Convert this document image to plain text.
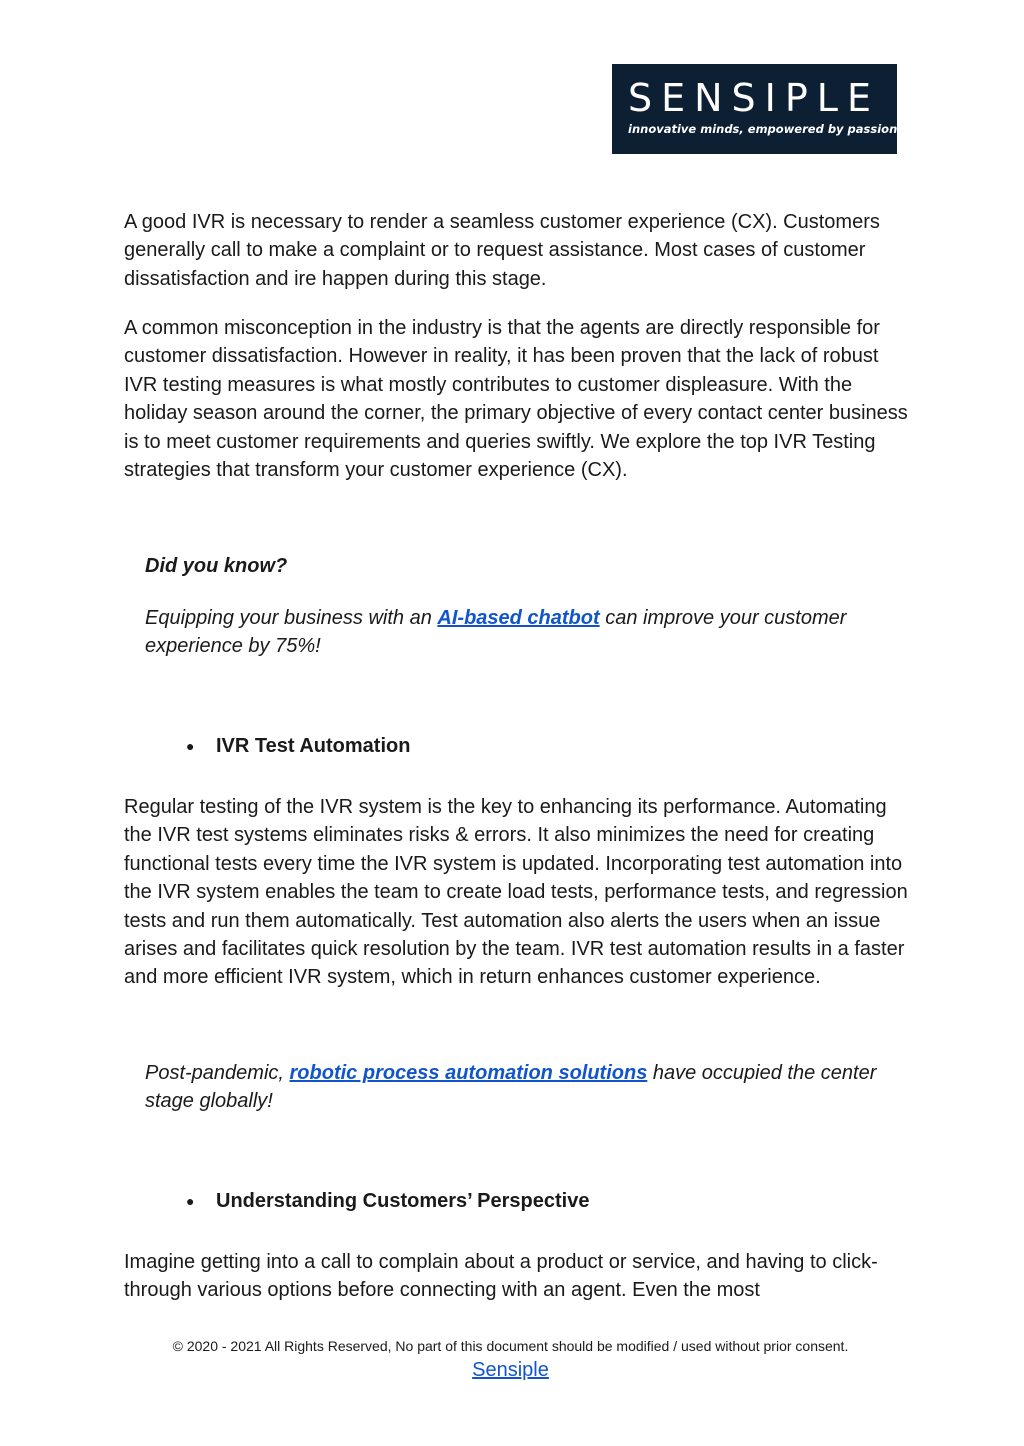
SENSIPLE
innovative minds, empowered by passion

A good IVR is necessary to render a seamless customer experience (CX). Customers generally call to make a complaint or to request assistance. Most cases of customer dissatisfaction and ire happen during this stage.

A common misconception in the industry is that the agents are directly responsible for customer dissatisfaction. However in reality, it has been proven that the lack of robust IVR testing measures is what mostly contributes to customer displeasure. With the holiday season around the corner, the primary objective of every contact center business is to meet customer requirements and queries swiftly. We explore the top IVR Testing strategies that transform your customer experience (CX).

Did you know?

Equipping your business with an AI-based chatbot can improve your customer experience by 75%!

●	IVR Test Automation

Regular testing of the IVR system is the key to enhancing its performance. Automating the IVR test systems eliminates risks & errors. It also minimizes the need for creating functional tests every time the IVR system is updated. Incorporating test automation into the IVR system enables the team to create load tests, performance tests, and regression tests and run them automatically. Test automation also alerts the users when an issue arises and facilitates quick resolution by the team. IVR test automation results in a faster and more efficient IVR system, which in return enhances customer experience.

Post-pandemic, robotic process automation solutions have occupied the center stage globally!

●	Understanding Customers’ Perspective

Imagine getting into a call to complain about a product or service, and having to click-through various options before connecting with an agent. Even the most

© 2020 - 2021 All Rights Reserved, No part of this document should be modified / used without prior consent.
Sensiple
